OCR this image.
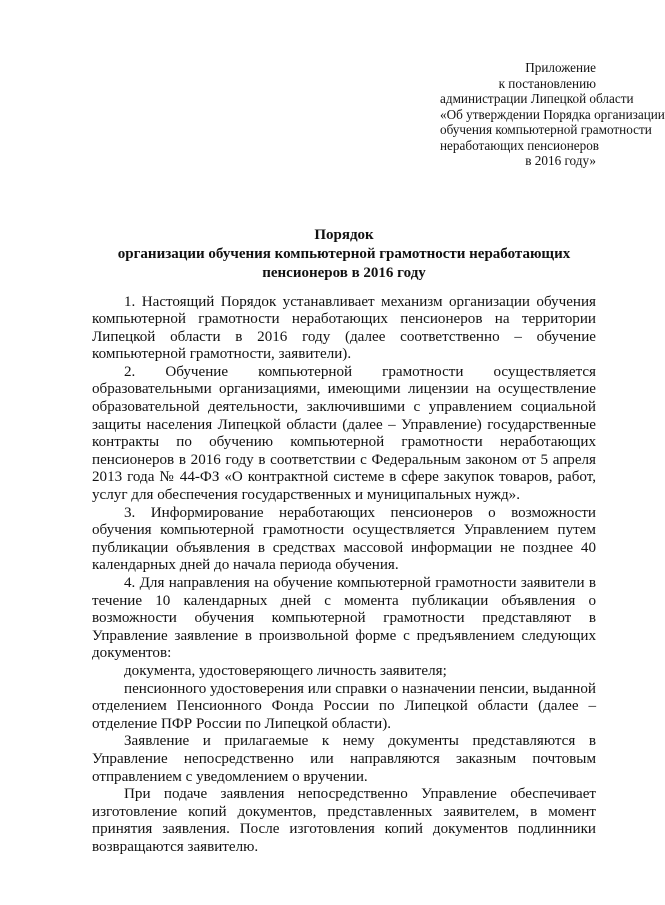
Приложение
к постановлению
администрации Липецкой области
«Об утверждении Порядка организации
обучения компьютерной грамотности
неработающих пенсионеров
в 2016 году»
Порядок
организации обучения компьютерной грамотности неработающих
пенсионеров в 2016 году

1. Настоящий Порядок устанавливает механизм организации обучения компьютерной грамотности неработающих пенсионеров на территории Липецкой области в 2016 году (далее соответственно – обучение компьютерной грамотности, заявители).

2. Обучение компьютерной грамотности осуществляется образовательными организациями, имеющими лицензии на осуществление образовательной деятельности, заключившими с управлением социальной защиты населения Липецкой области (далее – Управление) государственные контракты по обучению компьютерной грамотности неработающих пенсионеров в 2016 году в соответствии с Федеральным законом от 5 апреля 2013 года № 44-ФЗ «О контрактной системе в сфере закупок товаров, работ, услуг для обеспечения государственных и муниципальных нужд».

3. Информирование неработающих пенсионеров о возможности обучения компьютерной грамотности осуществляется Управлением путем публикации объявления в средствах массовой информации не позднее 40 календарных дней до начала периода обучения.

4. Для направления на обучение компьютерной грамотности заявители в течение 10 календарных дней с момента публикации объявления о возможности обучения компьютерной грамотности представляют в Управление заявление в произвольной форме с предъявлением следующих документов:

документа, удостоверяющего личность заявителя;

пенсионного удостоверения или справки о назначении пенсии, выданной отделением Пенсионного Фонда России по Липецкой области (далее – отделение ПФР России по Липецкой области).

Заявление и прилагаемые к нему документы представляются в Управление непосредственно или направляются заказным почтовым отправлением с уведомлением о вручении.

При подаче заявления непосредственно Управление обеспечивает изготовление копий документов, представленных заявителем, в момент принятия заявления. После изготовления копий документов подлинники возвращаются заявителю.
